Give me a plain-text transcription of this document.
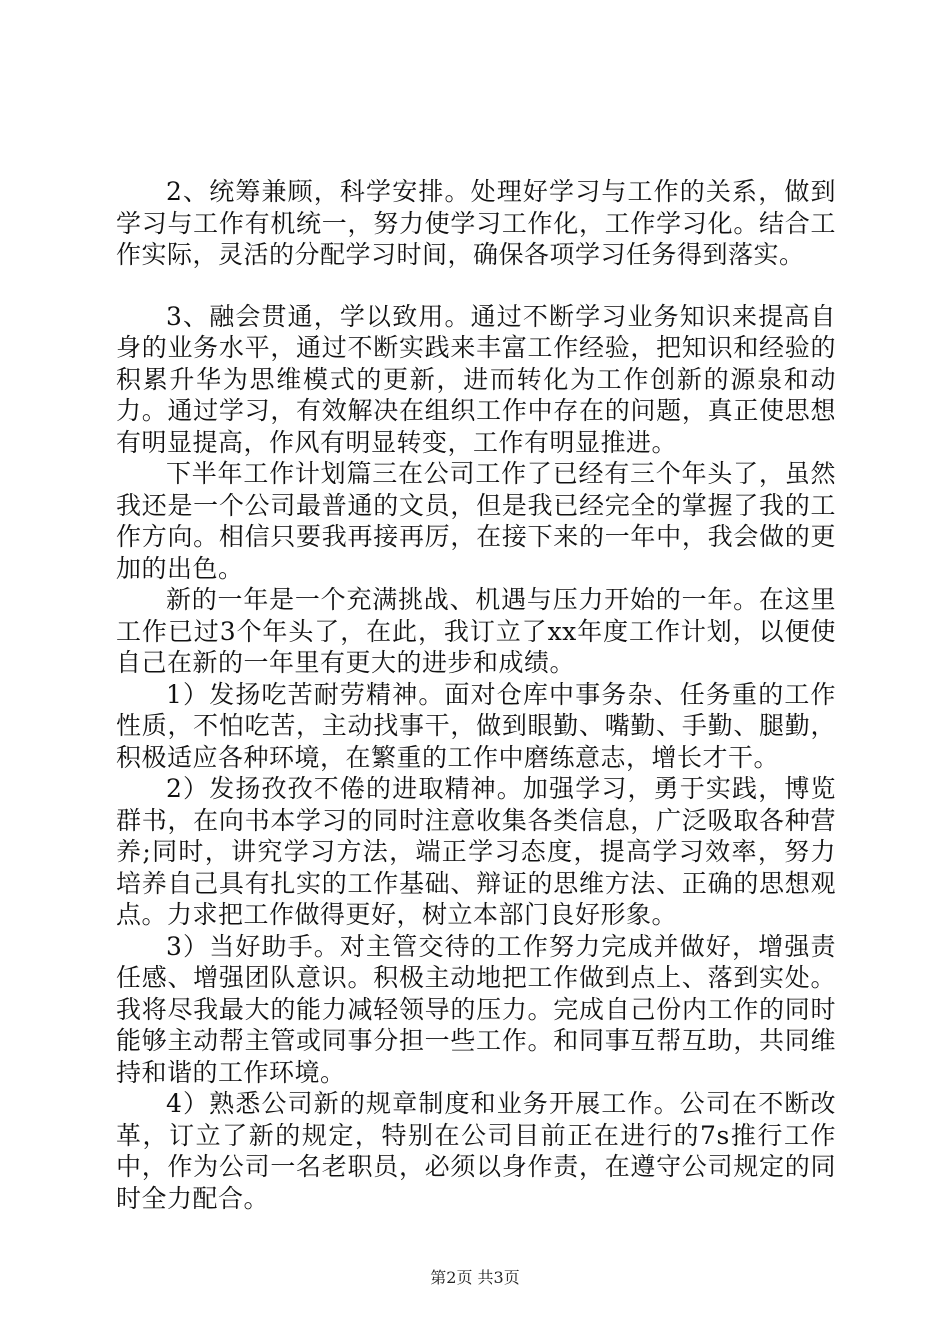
2、统筹兼顾，科学安排。处理好学习与工作的关系，做到学习与工作有机统一，努力使学习工作化，工作学习化。结合工作实际，灵活的分配学习时间，确保各项学习任务得到落实。

3、融会贯通，学以致用。通过不断学习业务知识来提高自身的业务水平，通过不断实践来丰富工作经验，把知识和经验的积累升华为思维模式的更新，进而转化为工作创新的源泉和动力。通过学习，有效解决在组织工作中存在的问题，真正使思想有明显提高，作风有明显转变，工作有明显推进。

下半年工作计划篇三在公司工作了已经有三个年头了，虽然我还是一个公司最普通的文员，但是我已经完全的掌握了我的工作方向。相信只要我再接再厉，在接下来的一年中，我会做的更加的出色。

新的一年是一个充满挑战、机遇与压力开始的一年。在这里工作已过3个年头了，在此，我订立了xx年度工作计划，以便使自己在新的一年里有更大的进步和成绩。

1）发扬吃苦耐劳精神。面对仓库中事务杂、任务重的工作性质，不怕吃苦，主动找事干，做到眼勤、嘴勤、手勤、腿勤，积极适应各种环境，在繁重的工作中磨练意志，增长才干。

2）发扬孜孜不倦的进取精神。加强学习，勇于实践，博览群书，在向书本学习的同时注意收集各类信息，广泛吸取各种营养;同时，讲究学习方法，端正学习态度，提高学习效率，努力培养自己具有扎实的工作基础、辩证的思维方法、正确的思想观点。力求把工作做得更好，树立本部门良好形象。

3）当好助手。对主管交待的工作努力完成并做好，增强责任感、增强团队意识。积极主动地把工作做到点上、落到实处。我将尽我最大的能力减轻领导的压力。完成自己份内工作的同时能够主动帮主管或同事分担一些工作。和同事互帮互助，共同维持和谐的工作环境。

4）熟悉公司新的规章制度和业务开展工作。公司在不断改革，订立了新的规定，特别在公司目前正在进行的7s推行工作中，作为公司一名老职员，必须以身作责，在遵守公司规定的同时全力配合。

第2页 共3页
